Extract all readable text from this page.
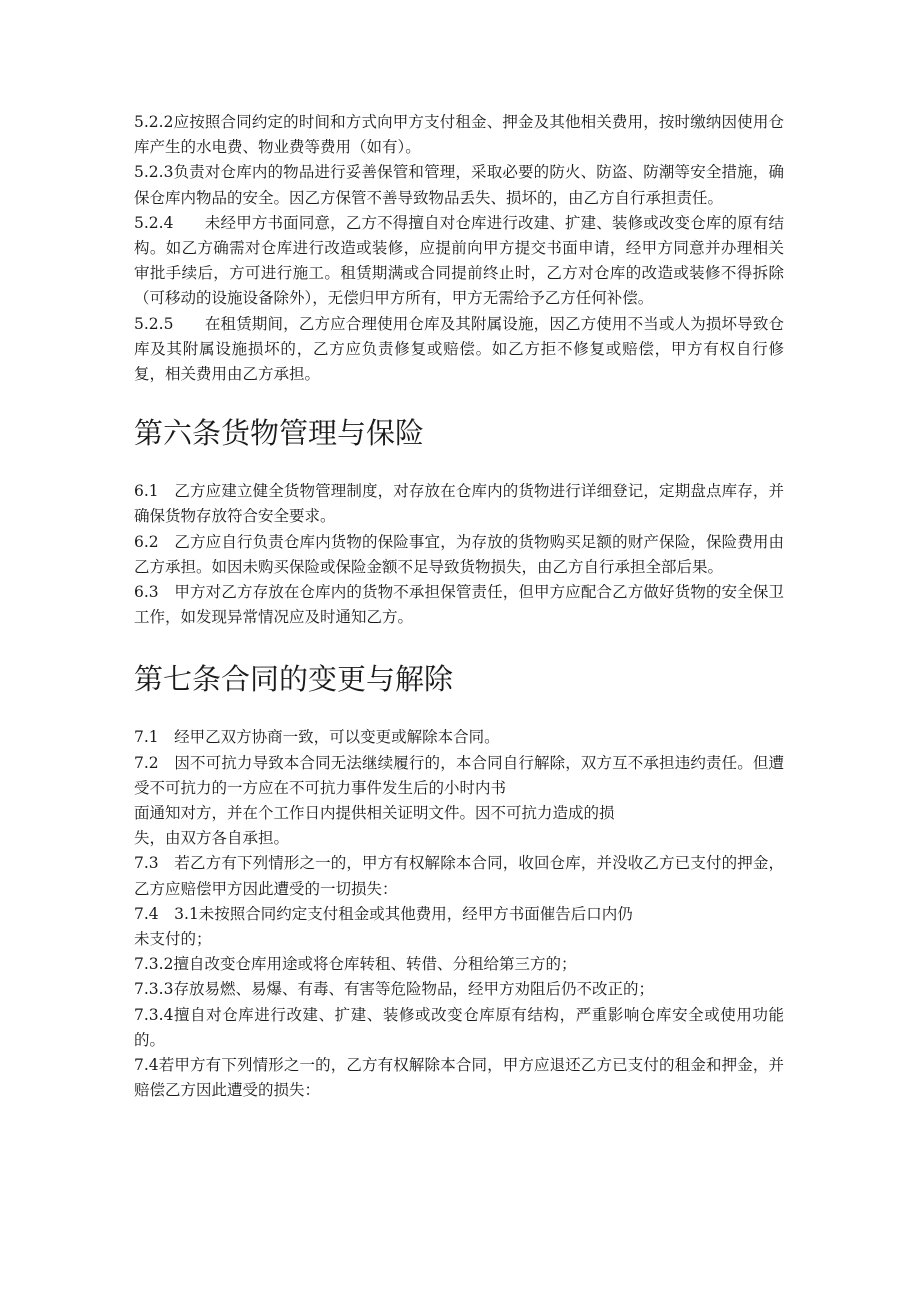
5.2.2应按照合同约定的时间和方式向甲方支付租金、押金及其他相关费用，按时缴纳因使用仓库产生的水电费、物业费等费用（如有）。

5.2.3负责对仓库内的物品进行妥善保管和管理，采取必要的防火、防盗、防潮等安全措施，确保仓库内物品的安全。因乙方保管不善导致物品丢失、损坏的，由乙方自行承担责任。

5.2.4　　未经甲方书面同意，乙方不得擅自对仓库进行改建、扩建、装修或改变仓库的原有结构。如乙方确需对仓库进行改造或装修，应提前向甲方提交书面申请，经甲方同意并办理相关审批手续后，方可进行施工。租赁期满或合同提前终止时，乙方对仓库的改造或装修不得拆除（可移动的设施设备除外），无偿归甲方所有，甲方无需给予乙方任何补偿。

5.2.5　　在租赁期间，乙方应合理使用仓库及其附属设施，因乙方使用不当或人为损坏导致仓库及其附属设施损坏的，乙方应负责修复或赔偿。如乙方拒不修复或赔偿，甲方有权自行修复，相关费用由乙方承担。

第六条货物管理与保险

6.1　乙方应建立健全货物管理制度，对存放在仓库内的货物进行详细登记，定期盘点库存，并确保货物存放符合安全要求。

6.2　乙方应自行负责仓库内货物的保险事宜，为存放的货物购买足额的财产保险，保险费用由乙方承担。如因未购买保险或保险金额不足导致货物损失，由乙方自行承担全部后果。

6.3　甲方对乙方存放在仓库内的货物不承担保管责任，但甲方应配合乙方做好货物的安全保卫工作，如发现异常情况应及时通知乙方。

第七条合同的变更与解除

7.1　经甲乙双方协商一致，可以变更或解除本合同。

7.2　因不可抗力导致本合同无法继续履行的，本合同自行解除，双方互不承担违约责任。但遭受不可抗力的一方应在不可抗力事件发生后的小时内书

面通知对方，并在个工作日内提供相关证明文件。因不可抗力造成的损

失，由双方各自承担。

7.3　若乙方有下列情形之一的，甲方有权解除本合同，收回仓库，并没收乙方已支付的押金，乙方应赔偿甲方因此遭受的一切损失：

7.4　3.1未按照合同约定支付租金或其他费用，经甲方书面催告后口内仍

未支付的；

7.3.2擅自改变仓库用途或将仓库转租、转借、分租给第三方的；

7.3.3存放易燃、易爆、有毒、有害等危险物品，经甲方劝阻后仍不改正的；

7.3.4擅自对仓库进行改建、扩建、装修或改变仓库原有结构，严重影响仓库安全或使用功能的。

7.4若甲方有下列情形之一的，乙方有权解除本合同，甲方应退还乙方已支付的租金和押金，并赔偿乙方因此遭受的损失：
